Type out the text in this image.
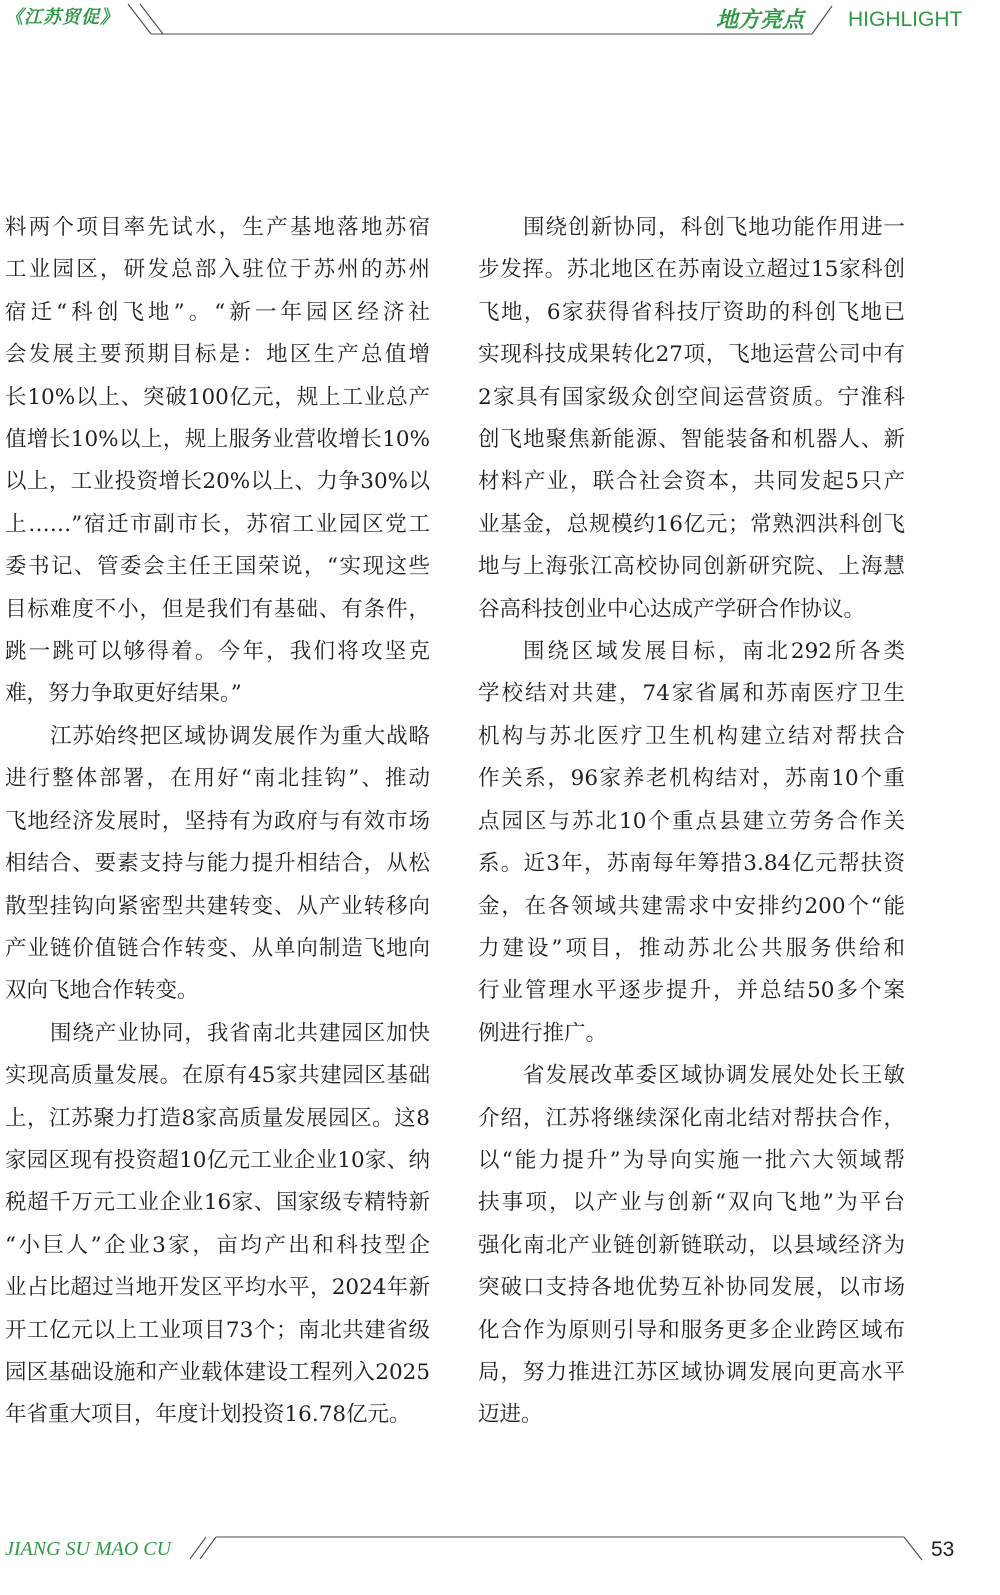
《江苏贸促》	地方亮点 HIGHLIGHT
料两个项目率先试水，生产基地落地苏宿
工业园区，研发总部入驻位于苏州的苏州
宿迁“科创飞地”。“新一年园区经济社
会发展主要预期目标是：地区生产总值增
长10%以上、突破100亿元，规上工业总产
值增长10%以上，规上服务业营收增长10%
以上，工业投资增长20%以上、力争30%以
上……”宿迁市副市长，苏宿工业园区党工
委书记、管委会主任王国荣说，“实现这些
目标难度不小，但是我们有基础、有条件，
跳一跳可以够得着。今年，我们将攻坚克
难，努力争取更好结果。”
江苏始终把区域协调发展作为重大战略
进行整体部署，在用好“南北挂钩”、推动
飞地经济发展时，坚持有为政府与有效市场
相结合、要素支持与能力提升相结合，从松
散型挂钩向紧密型共建转变、从产业转移向
产业链价值链合作转变、从单向制造飞地向
双向飞地合作转变。
围绕产业协同，我省南北共建园区加快
实现高质量发展。在原有45家共建园区基础
上，江苏聚力打造8家高质量发展园区。这8
家园区现有投资超10亿元工业企业10家、纳
税超千万元工业企业16家、国家级专精特新
“小巨人”企业3家，亩均产出和科技型企
业占比超过当地开发区平均水平，2024年新
开工亿元以上工业项目73个；南北共建省级
园区基础设施和产业载体建设工程列入2025
年省重大项目，年度计划投资16.78亿元。
围绕创新协同，科创飞地功能作用进一
步发挥。苏北地区在苏南设立超过15家科创
飞地，6家获得省科技厅资助的科创飞地已
实现科技成果转化27项，飞地运营公司中有
2家具有国家级众创空间运营资质。宁淮科
创飞地聚焦新能源、智能装备和机器人、新
材料产业，联合社会资本，共同发起5只产
业基金，总规模约16亿元；常熟泗洪科创飞
地与上海张江高校协同创新研究院、上海慧
谷高科技创业中心达成产学研合作协议。
围绕区域发展目标，南北292所各类
学校结对共建，74家省属和苏南医疗卫生
机构与苏北医疗卫生机构建立结对帮扶合
作关系，96家养老机构结对，苏南10个重
点园区与苏北10个重点县建立劳务合作关
系。近3年，苏南每年筹措3.84亿元帮扶资
金，在各领域共建需求中安排约200个“能
力建设”项目，推动苏北公共服务供给和
行业管理水平逐步提升，并总结50多个案
例进行推广。
省发展改革委区域协调发展处处长王敏
介绍，江苏将继续深化南北结对帮扶合作，
以“能力提升”为导向实施一批六大领域帮
扶事项，以产业与创新“双向飞地”为平台
强化南北产业链创新链联动，以县域经济为
突破口支持各地优势互补协同发展，以市场
化合作为原则引导和服务更多企业跨区域布
局，努力推进江苏区域协调发展向更高水平
迈进。
JIANG SU MAO CU	53
